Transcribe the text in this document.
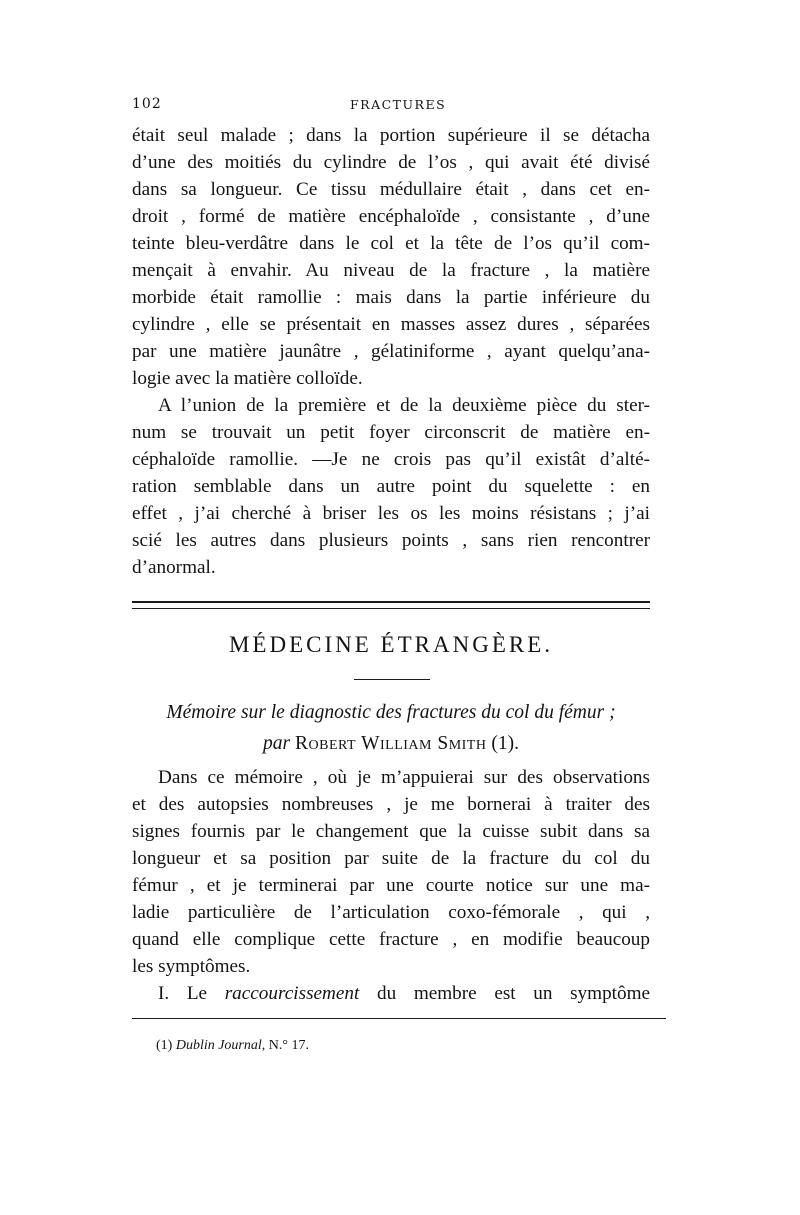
102	FRACTURES
était seul malade ; dans la portion supérieure il se détacha
d’une des moitiés du cylindre de l’os , qui avait été divisé
dans sa longueur. Ce tissu médullaire était , dans cet en-
droit , formé de matière encéphaloïde , consistante , d’une
teinte bleu-verdâtre dans le col et la tête de l’os qu’il com-
mençait à envahir. Au niveau de la fracture , la matière
morbide était ramollie : mais dans la partie inférieure du
cylindre , elle se présentait en masses assez dures , séparées
par une matière jaunâtre , gélatiniforme , ayant quelqu’ana-
logie avec la matière colloïde.
A l’union de la première et de la deuxième pièce du ster-
num se trouvait un petit foyer circonscrit de matière en-
céphaloïde ramollie. —Je ne crois pas qu’il existât d’alté-
ration semblable dans un autre point du squelette : en
effet , j’ai cherché à briser les os les moins résistans ; j’ai
scié les autres dans plusieurs points , sans rien rencontrer
d’anormal.
MÉDECINE ÉTRANGÈRE.
Mémoire sur le diagnostic des fractures du col du fémur ;
par Robert William Smith (1).
Dans ce mémoire , où je m’appuierai sur des observations
et des autopsies nombreuses , je me bornerai à traiter des
signes fournis par le changement que la cuisse subit dans sa
longueur et sa position par suite de la fracture du col du
fémur , et je terminerai par une courte notice sur une ma-
ladie particulière de l’articulation coxo-fémorale , qui ,
quand elle complique cette fracture , en modifie beaucoup
les symptômes.
I. Le raccourcissement du membre est un symptôme
(1) Dublin Journal, N.° 17.
